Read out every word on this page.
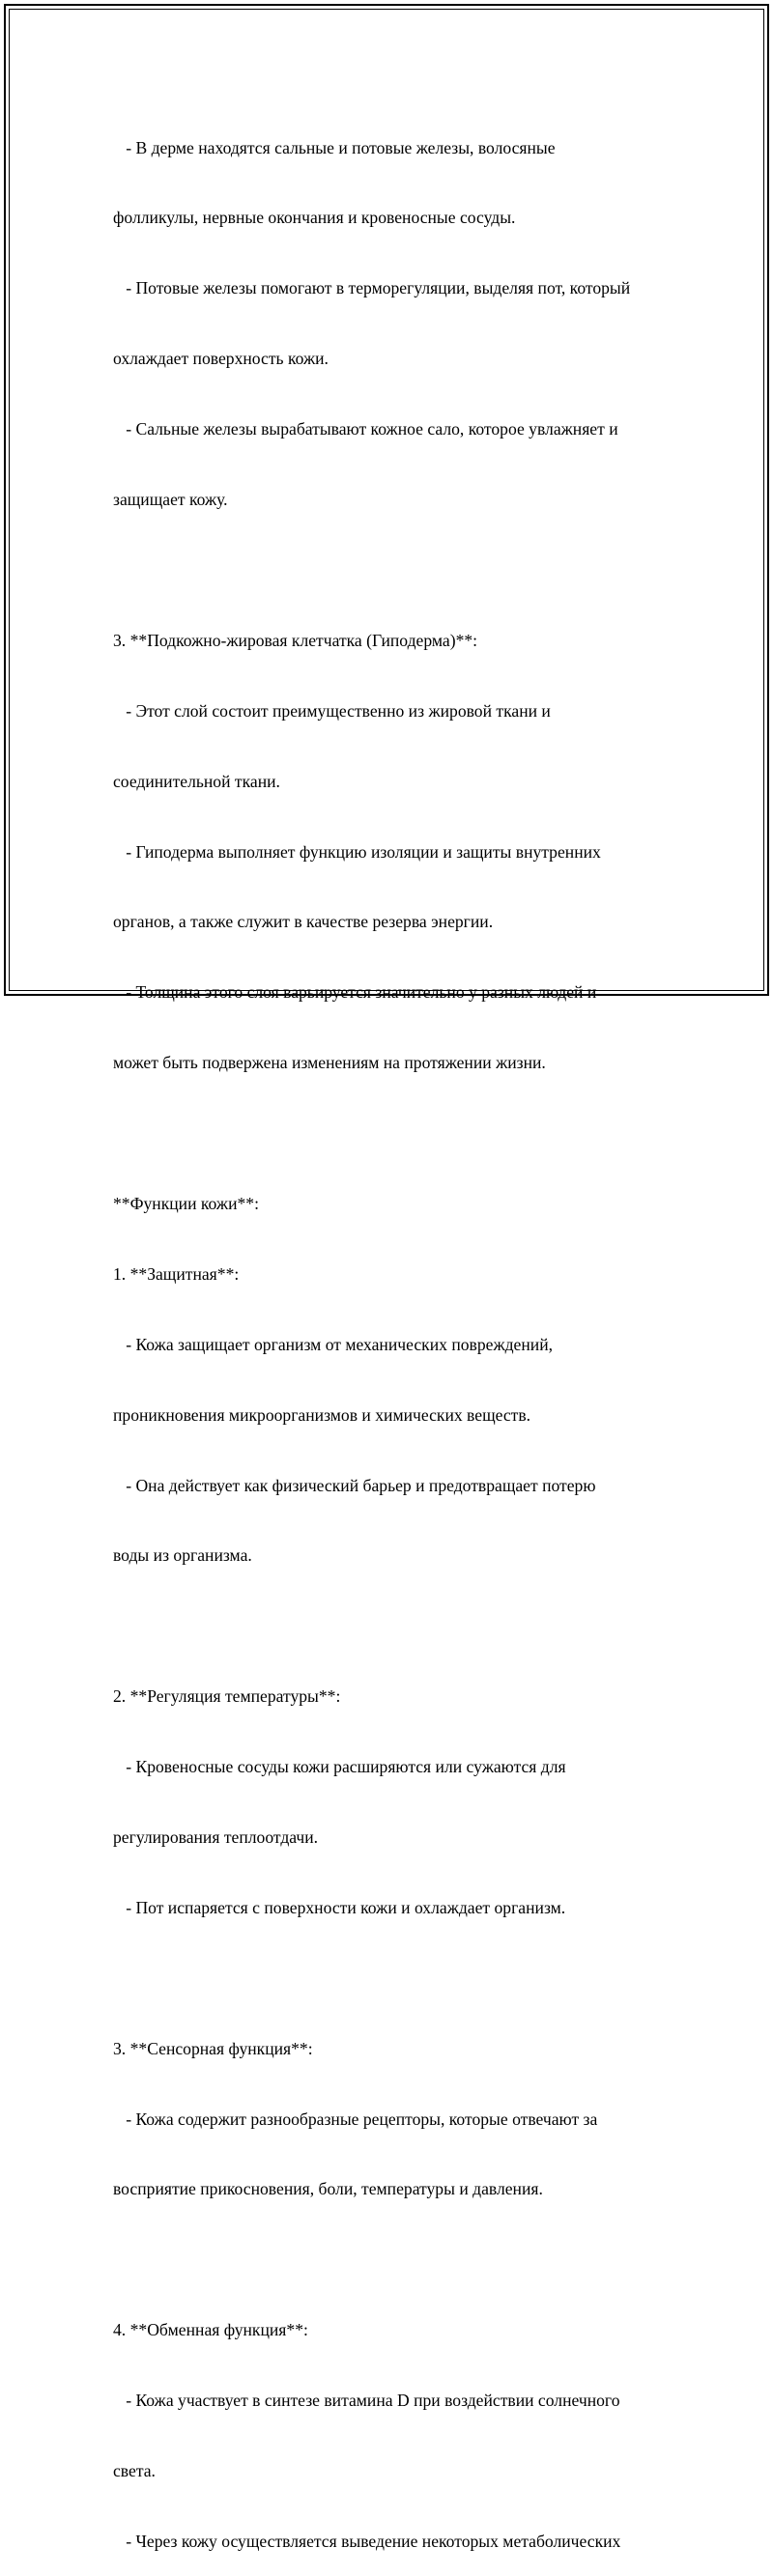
- В дерме находятся сальные и потовые железы, волосяные

фолликулы, нервные окончания и кровеносные сосуды.

- Потовые железы помогают в терморегуляции, выделяя пот, который

охлаждает поверхность кожи.

- Сальные железы вырабатывают кожное сало, которое увлажняет и

защищает кожу.

3. **Подкожно-жировая клетчатка (Гиподерма)**:

- Этот слой состоит преимущественно из жировой ткани и

соединительной ткани.

- Гиподерма выполняет функцию изоляции и защиты внутренних

органов, а также служит в качестве резерва энергии.

- Толщина этого слоя варьируется значительно у разных людей и

может быть подвержена изменениям на протяжении жизни.

**Функции кожи**:

1. **Защитная**:

- Кожа защищает организм от механических повреждений,

проникновения микроорганизмов и химических веществ.

- Она действует как физический барьер и предотвращает потерю

воды из организма.

2. **Регуляция температуры**:

- Кровеносные сосуды кожи расширяются или сужаются для

регулирования теплоотдачи.

- Пот испаряется с поверхности кожи и охлаждает организм.

3. **Сенсорная функция**:

- Кожа содержит разнообразные рецепторы, которые отвечают за

восприятие прикосновения, боли, температуры и давления.

4. **Обменная функция**:

- Кожа участвует в синтезе витамина D при воздействии солнечного

света.

- Через кожу осуществляется выведение некоторых метаболических
